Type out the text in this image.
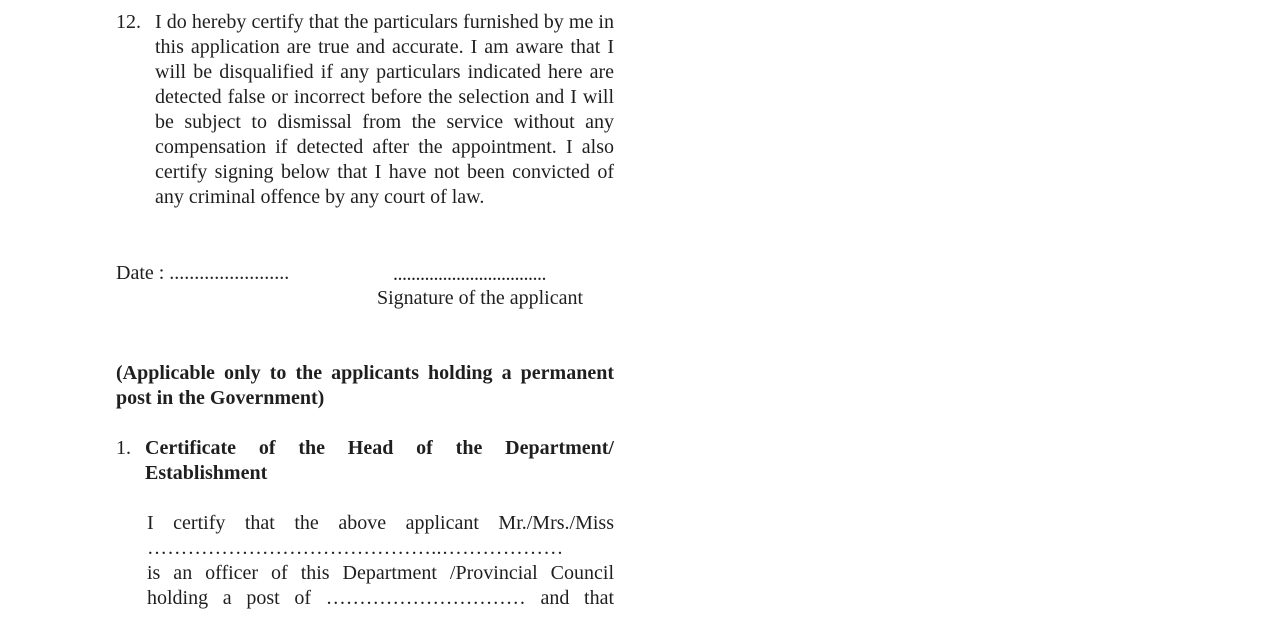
12. I do hereby certify that the particulars furnished by me in this application are true and accurate. I am aware that I will be disqualified if any particulars indicated here are detected false or incorrect before the selection and I will be subject to dismissal from the service without any compensation if detected after the appointment. I also certify signing below that I have not been convicted of any criminal offence by any court of law.
Date : ........................	..................................
Signature of the applicant
(Applicable only to the applicants holding a permanent post in the Government)
1. Certificate of the Head of the Department/
Establishment
I certify that the above applicant Mr./Mrs./Miss
……………………………………..………………
is an officer of this Department /Provincial Council
holding a post of ………………………… and that
